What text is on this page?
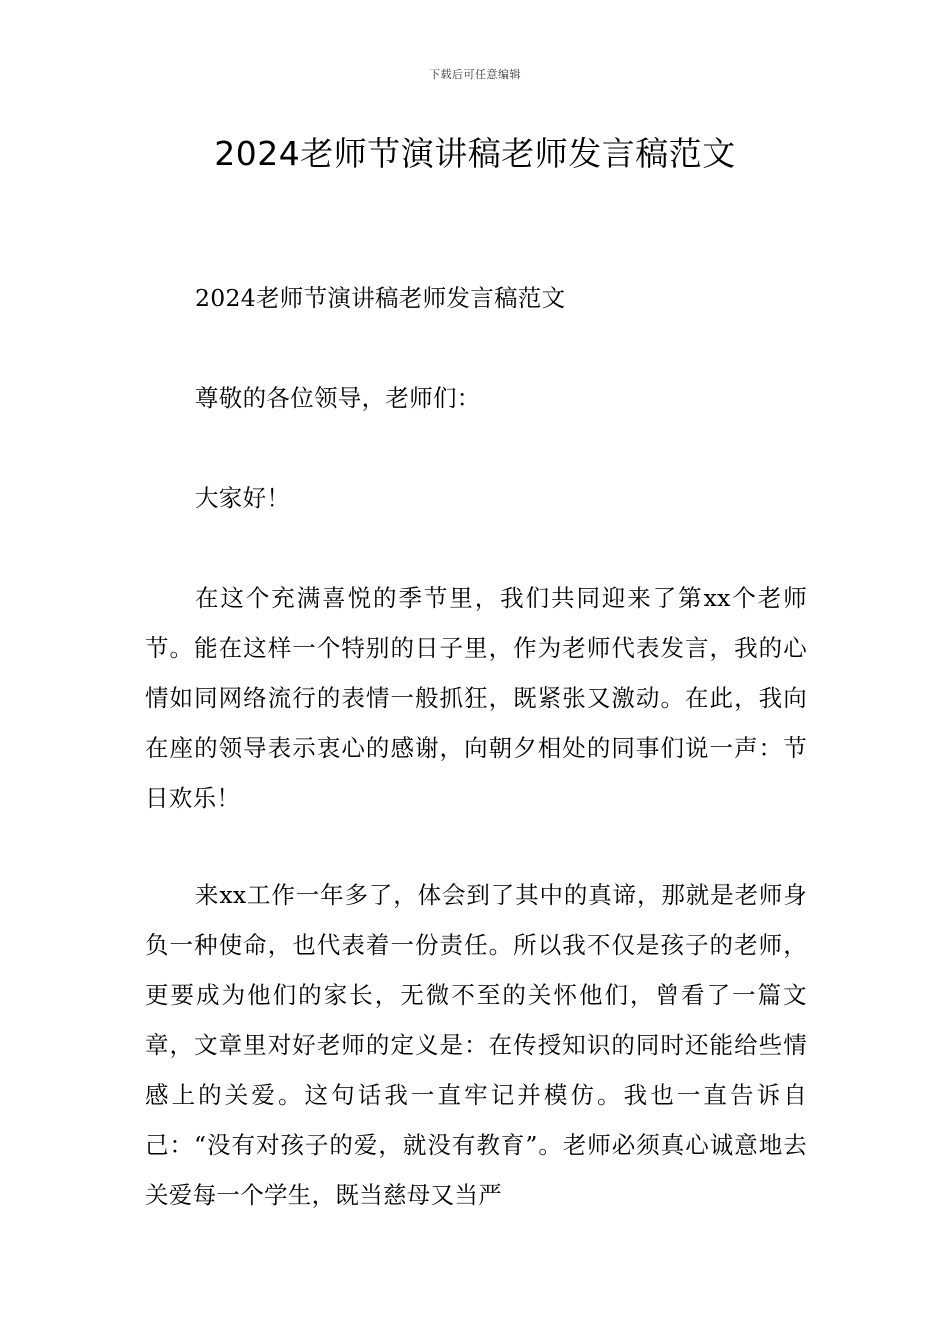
下载后可任意编辑
2024老师节演讲稿老师发言稿范文

2024老师节演讲稿老师发言稿范文

尊敬的各位领导，老师们：

大家好！

在这个充满喜悦的季节里，我们共同迎来了第xx个老师节。能在这样一个特别的日子里，作为老师代表发言，我的心情如同网络流行的表情一般抓狂，既紧张又激动。在此，我向在座的领导表示衷心的感谢，向朝夕相处的同事们说一声：节日欢乐！

来xx工作一年多了，体会到了其中的真谛，那就是老师身负一种使命，也代表着一份责任。所以我不仅是孩子的老师，更要成为他们的家长，无微不至的关怀他们，曾看了一篇文章，文章里对好老师的定义是：在传授知识的同时还能给些情感上的关爱。这句话我一直牢记并模仿。我也一直告诉自己：“没有对孩子的爱，就没有教育”。老师必须真心诚意地去关爱每一个学生，既当慈母又当严
